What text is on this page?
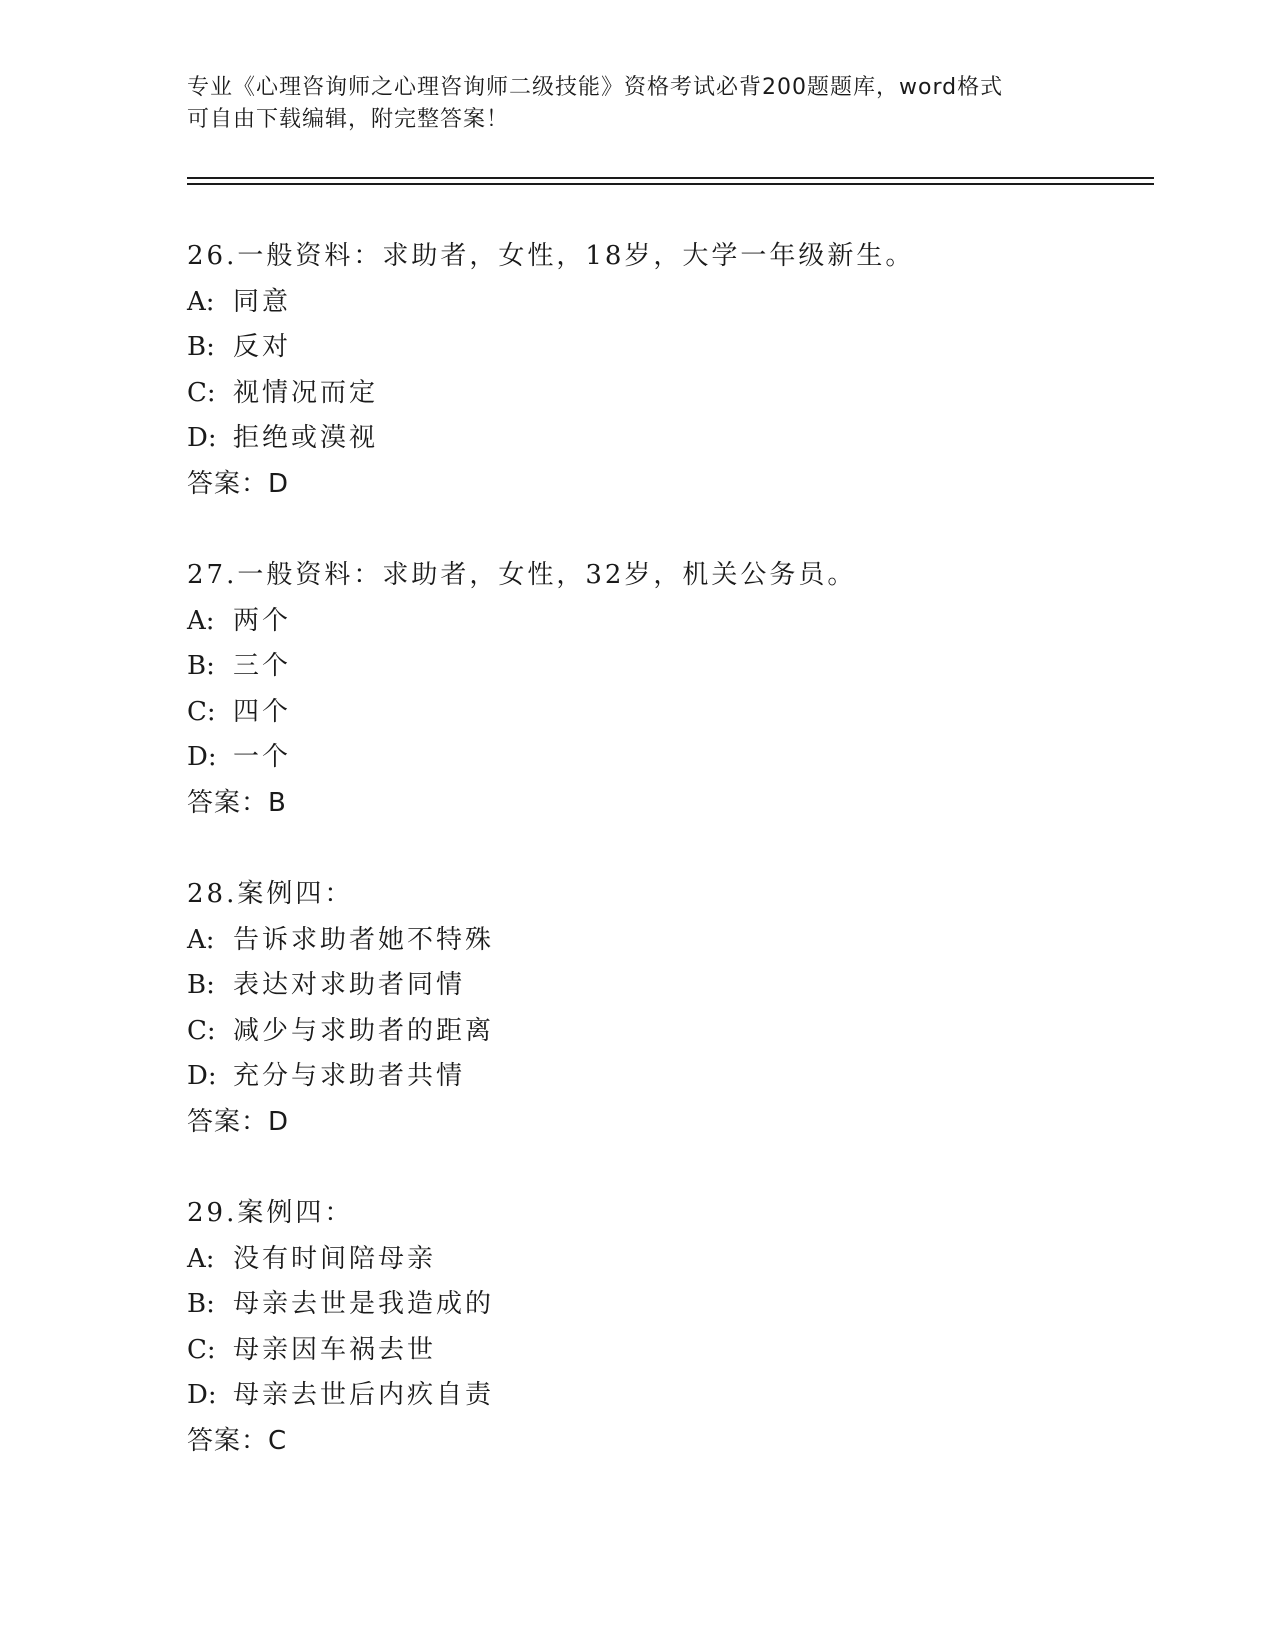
专业《心理咨询师之心理咨询师二级技能》资格考试必背200题题库，word格式
可自由下载编辑，附完整答案！
26.一般资料：求助者，女性，18岁，大学一年级新生。
A: 同意
B: 反对
C: 视情况而定
D: 拒绝或漠视
答案：D
27.一般资料：求助者，女性，32岁，机关公务员。
A: 两个
B: 三个
C: 四个
D: 一个
答案：B
28.案例四：
A: 告诉求助者她不特殊
B: 表达对求助者同情
C: 减少与求助者的距离
D: 充分与求助者共情
答案：D
29.案例四：
A: 没有时间陪母亲
B: 母亲去世是我造成的
C: 母亲因车祸去世
D: 母亲去世后内疚自责
答案：C
